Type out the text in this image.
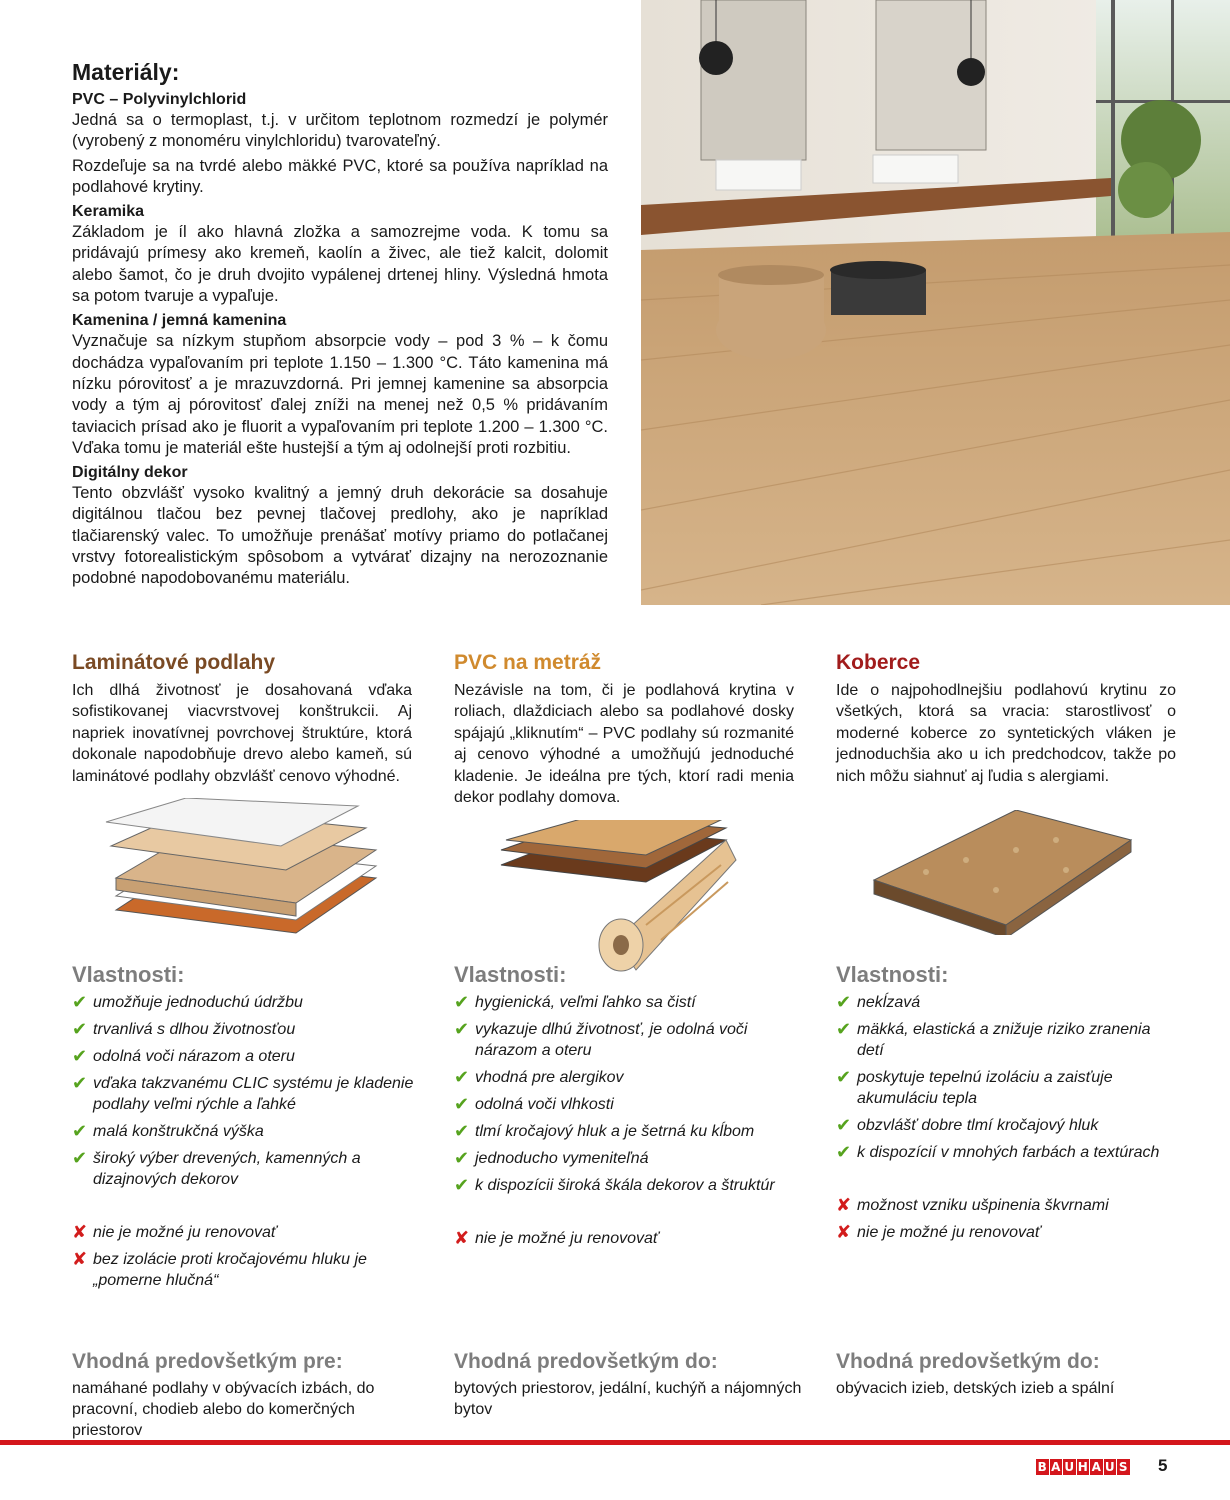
Materiály:
PVC – Polyvinylchlorid

Jedná sa o termoplast, t.j. v určitom teplotnom rozmedzí je polymér (vyrobený z monoméru vinylchloridu) tvarovateľný.

Rozdeľuje sa na tvrdé alebo mäkké PVC, ktoré sa používa napríklad na podlahové krytiny.

Keramika

Základom je íl ako hlavná zložka a samozrejme voda. K tomu sa pridávajú prímesy ako kremeň, kaolín a živec, ale tiež kalcit, dolomit alebo šamot, čo je druh dvojito vypálenej drtenej hliny. Výsledná hmota sa potom tvaruje a vypaľuje.

Kamenina / jemná kamenina

Vyznačuje sa nízkym stupňom absorpcie vody – pod 3 % – k čomu dochádza vypaľovaním pri teplote 1.150 – 1.300 °C. Táto kamenina má nízku pórovitosť a je mrazuvzdorná. Pri jemnej kamenine sa absorpcia vody a tým aj pórovitosť ďalej zníži na menej než 0,5 % pridávaním taviacich prísad ako je fluorit a vypaľovaním pri teplote 1.200 – 1.300 °C. Vďaka tomu je materiál ešte hustejší a tým aj odolnejší proti rozbitiu.

Digitálny dekor

Tento obzvlášť vysoko kvalitný a jemný druh dekorácie sa dosahuje digitálnou tlačou bez pevnej tlačovej predlohy, ako je napríklad tlačiarenský valec. To umožňuje prenášať motívy priamo do potlačanej vrstvy fotorealistickým spôsobom a vytvárať dizajny na nerozoznanie podobné napodobovanému materiálu.

Laminátové podlahy

Ich dlhá životnosť je dosahovaná vďaka sofistikovanej viacvrstvovej konštrukcii. Aj napriek inovatívnej povrchovej štruktúre, ktorá dokonale napodobňuje drevo alebo kameň, sú laminátové podlahy obzvlášť cenovo výhodné.

PVC na metráž

Nezávisle na tom, či je podlahová krytina v roliach, dlaždiciach alebo sa podlahové dosky spájajú „kliknutím“ – PVC podlahy sú rozmanité aj cenovo výhodné a umožňujú jednoduché kladenie. Je ideálna pre tých, ktorí radi menia dekor podlahy domova.

Koberce

Ide o najpohodlnejšiu podlahovú krytinu zo všetkých, ktorá sa vracia: starostlivosť o moderné koberce zo syntetických vláken je jednoduchšia ako u ich predchodcov, takže po nich môžu siahnuť aj ľudia s alergiami.

Vlastnosti:
✔ umožňuje jednoduchú údržbu
✔ trvanlivá s dlhou životnosťou
✔ odolná voči nárazom a oteru
✔ vďaka takzvanému CLIC systému je kladenie podlahy veľmi rýchle a ľahké
✔ malá konštrukčná výška
✔ široký výber drevených, kamenných a dizajnových dekorov
✘ nie je možné ju renovovať
✘ bez izolácie proti kročajovému hluku je „pomerne hlučná“
Vlastnosti:
✔ hygienická, veľmi ľahko sa čistí
✔ vykazuje dlhú životnosť, je odolná voči nárazom a oteru
✔ vhodná pre alergikov
✔ odolná voči vlhkosti
✔ tlmí kročajový hluk a je šetrná ku kĺbom
✔ jednoducho vymeniteľná
✔ k dispozícii široká škála dekorov a štruktúr
✘ nie je možné ju renovovať
Vlastnosti:
✔ nekĺzavá
✔ mäkká, elastická a znižuje riziko zranenia detí
✔ poskytuje tepelnú izoláciu a zaisťuje akumuláciu tepla
✔ obzvlášť dobre tlmí kročajový hluk
✔ k dispozícií v mnohých farbách a textúrach
✘ možnost vzniku ušpinenia škvrnami
✘ nie je možné ju renovovať
Vhodná predovšetkým pre:

namáhané podlahy v obývacích izbách, do pracovní, chodieb alebo do komerčných priestorov

Vhodná predovšetkým do:

bytových priestorov, jedální, kuchýň a nájomných bytov

Vhodná predovšetkým do:

obývacich izieb, detských izieb a spální

B A U H A U S 5
